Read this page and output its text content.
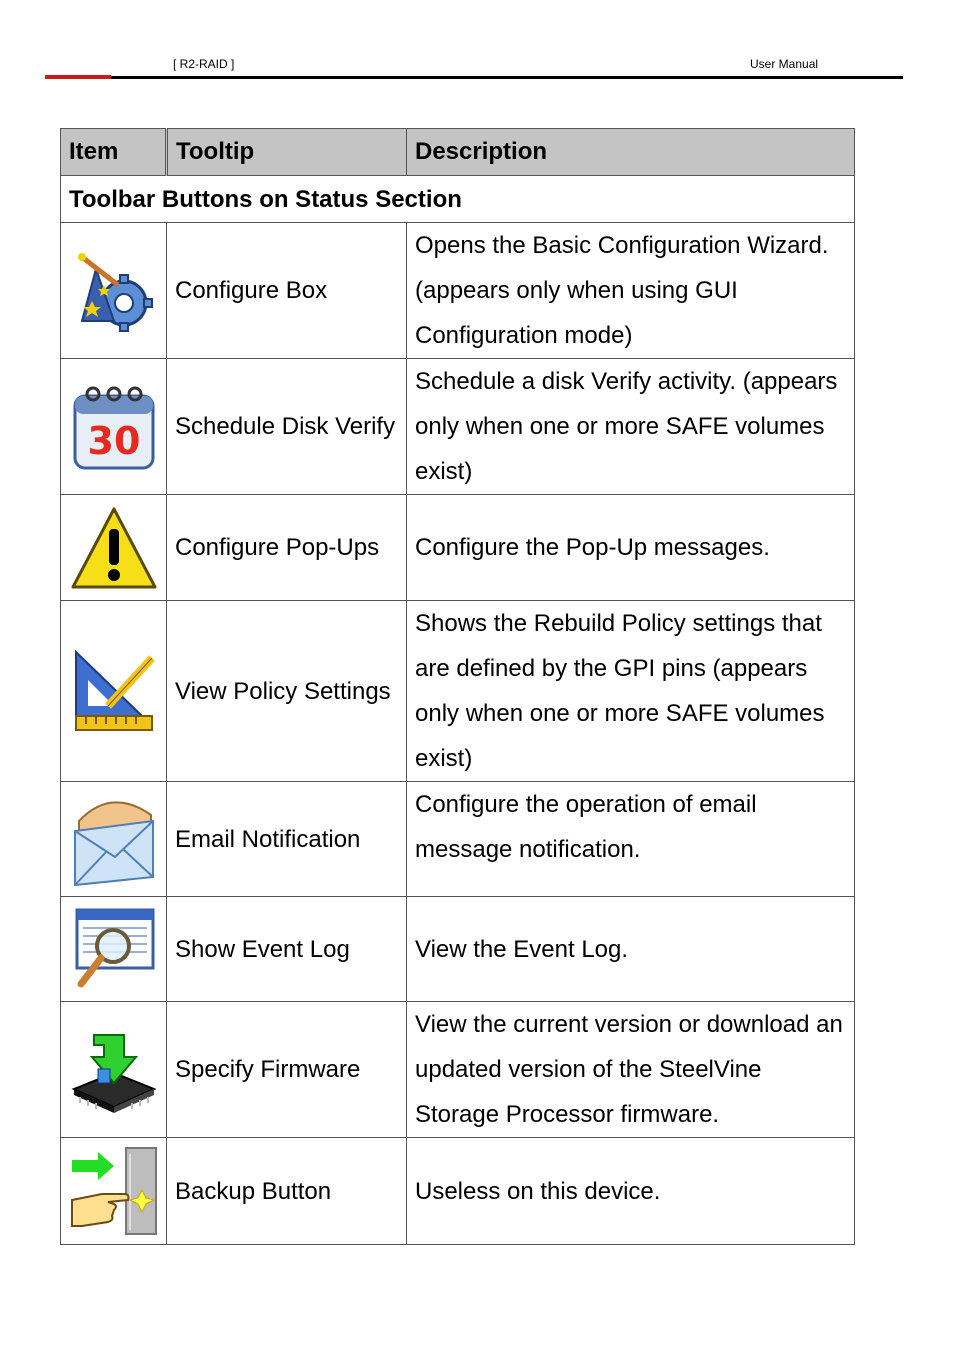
[ R2-RAID ]	User Manual
Item	Tooltip	Description
Toolbar Buttons on Status Section		

	Configure Box	Opens the Basic Configuration Wizard. (appears only when using GUI Configuration mode)

30	Schedule Disk Verify	Schedule a disk Verify activity. (appears only when one or more SAFE volumes exist)

	Configure Pop-Ups	Configure the Pop-Up messages.

	View Policy Settings	Shows the Rebuild Policy settings that are defined by the GPI pins (appears only when one or more SAFE volumes exist)

	Email Notification	Configure the operation of email message notification.

	Show Event Log	View the Event Log.

	Specify Firmware	View the current version or download an updated version of the SteelVine Storage Processor firmware.

	Backup Button	Useless on this device.
